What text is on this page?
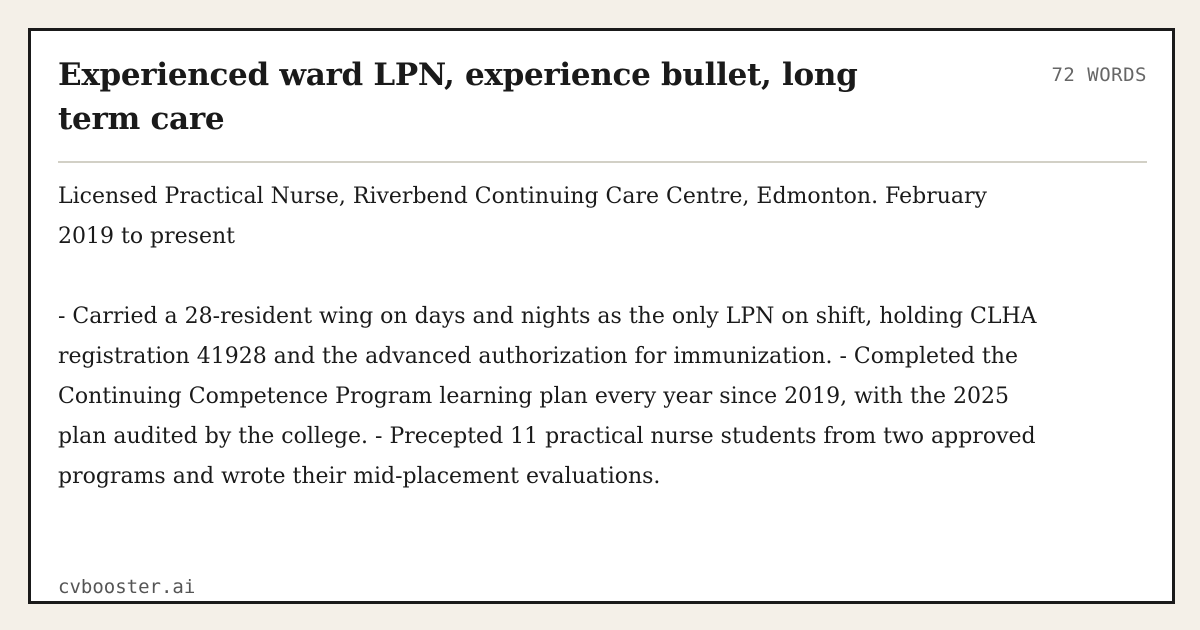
Experienced ward LPN, experience bullet, long term care
72 WORDS

Licensed Practical Nurse, Riverbend Continuing Care Centre, Edmonton. February 2019 to present

- Carried a 28-resident wing on days and nights as the only LPN on shift, holding CLHA registration 41928 and the advanced authorization for immunization. - Completed the Continuing Competence Program learning plan every year since 2019, with the 2025 plan audited by the college. - Precepted 11 practical nurse students from two approved programs and wrote their mid-placement evaluations.

cvbooster.ai
